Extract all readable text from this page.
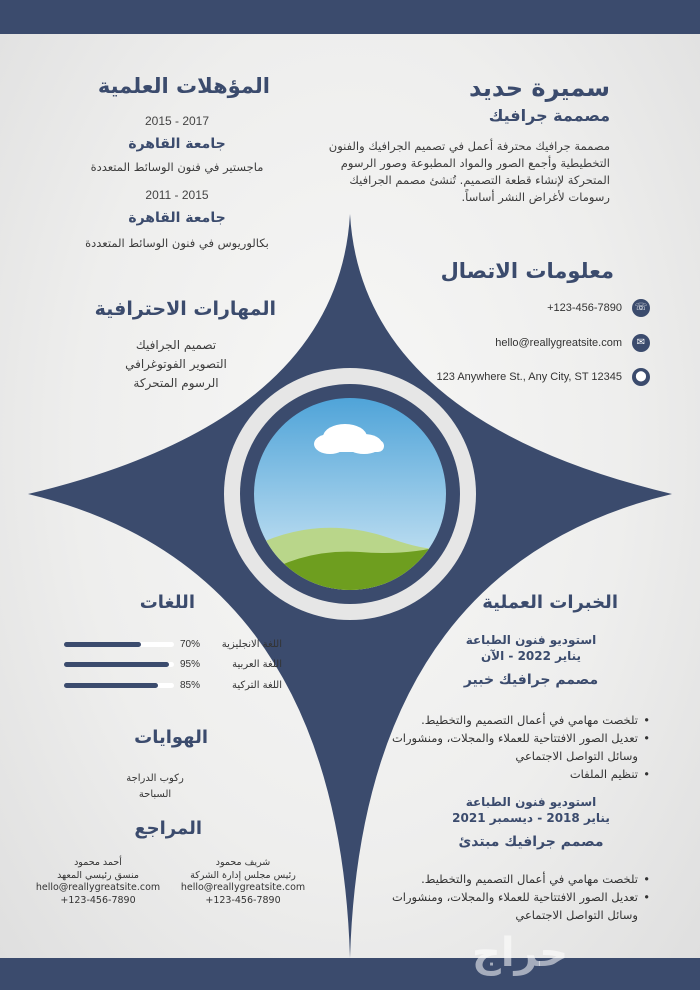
سميرة حديد
مصممة جرافيك

مصممة جرافيك محترفة أعمل في تصميم الجرافيك والفنون التخطيطية وأجمع الصور والمواد المطبوعة وصور الرسوم المتحركة لإنشاء قطعة التصميم. تُنشئ مصمم الجرافيك رسومات لأغراض النشر أساساً.

معلومات الاتصال
+123-456-7890 ☏
hello@reallygreatsite.com	✉
123 Anywhere St., Any City, ST 12345	⬤
المؤهلات العلمية
2015 - 2017
جامعة القاهرة
ماجستير في فنون الوسائط المتعددة
2011 - 2015
جامعة القاهرة
بكالوريوس في فنون الوسائط المتعددة
المهارات الاحترافية
تصميم الجرافيك
التصوير الفوتوغرافي
الرسوم المتحركة
اللغات
اللغة الانجليزية
70%
اللغة العربية
95%
اللغة التركية
85%
الهوايات
ركوب الدراجة
السباحة
المراجع
شريف محمود
رئيس مجلس إدارة الشركة
hello@reallygreatsite.com
+123-456-7890
أحمد محمود
منسق رئيسي المعهد
hello@reallygreatsite.com
+123-456-7890
الخبرات العملية
استوديو فنون الطباعة
يناير 2022 - الآن
مصمم جرافيك خبير
• تلخصت مهامي في أعمال التصميم والتخطيط.
• تعديل الصور الافتتاحية للعملاء والمجلات، ومنشورات وسائل التواصل الاجتماعي
• تنظيم الملفات
استوديو فنون الطباعة
يناير 2018 - ديسمبر 2021
مصمم جرافيك مبتدئ
• تلخصت مهامي في أعمال التصميم والتخطيط.
• تعديل الصور الافتتاحية للعملاء والمجلات، ومنشورات وسائل التواصل الاجتماعي
حراج
